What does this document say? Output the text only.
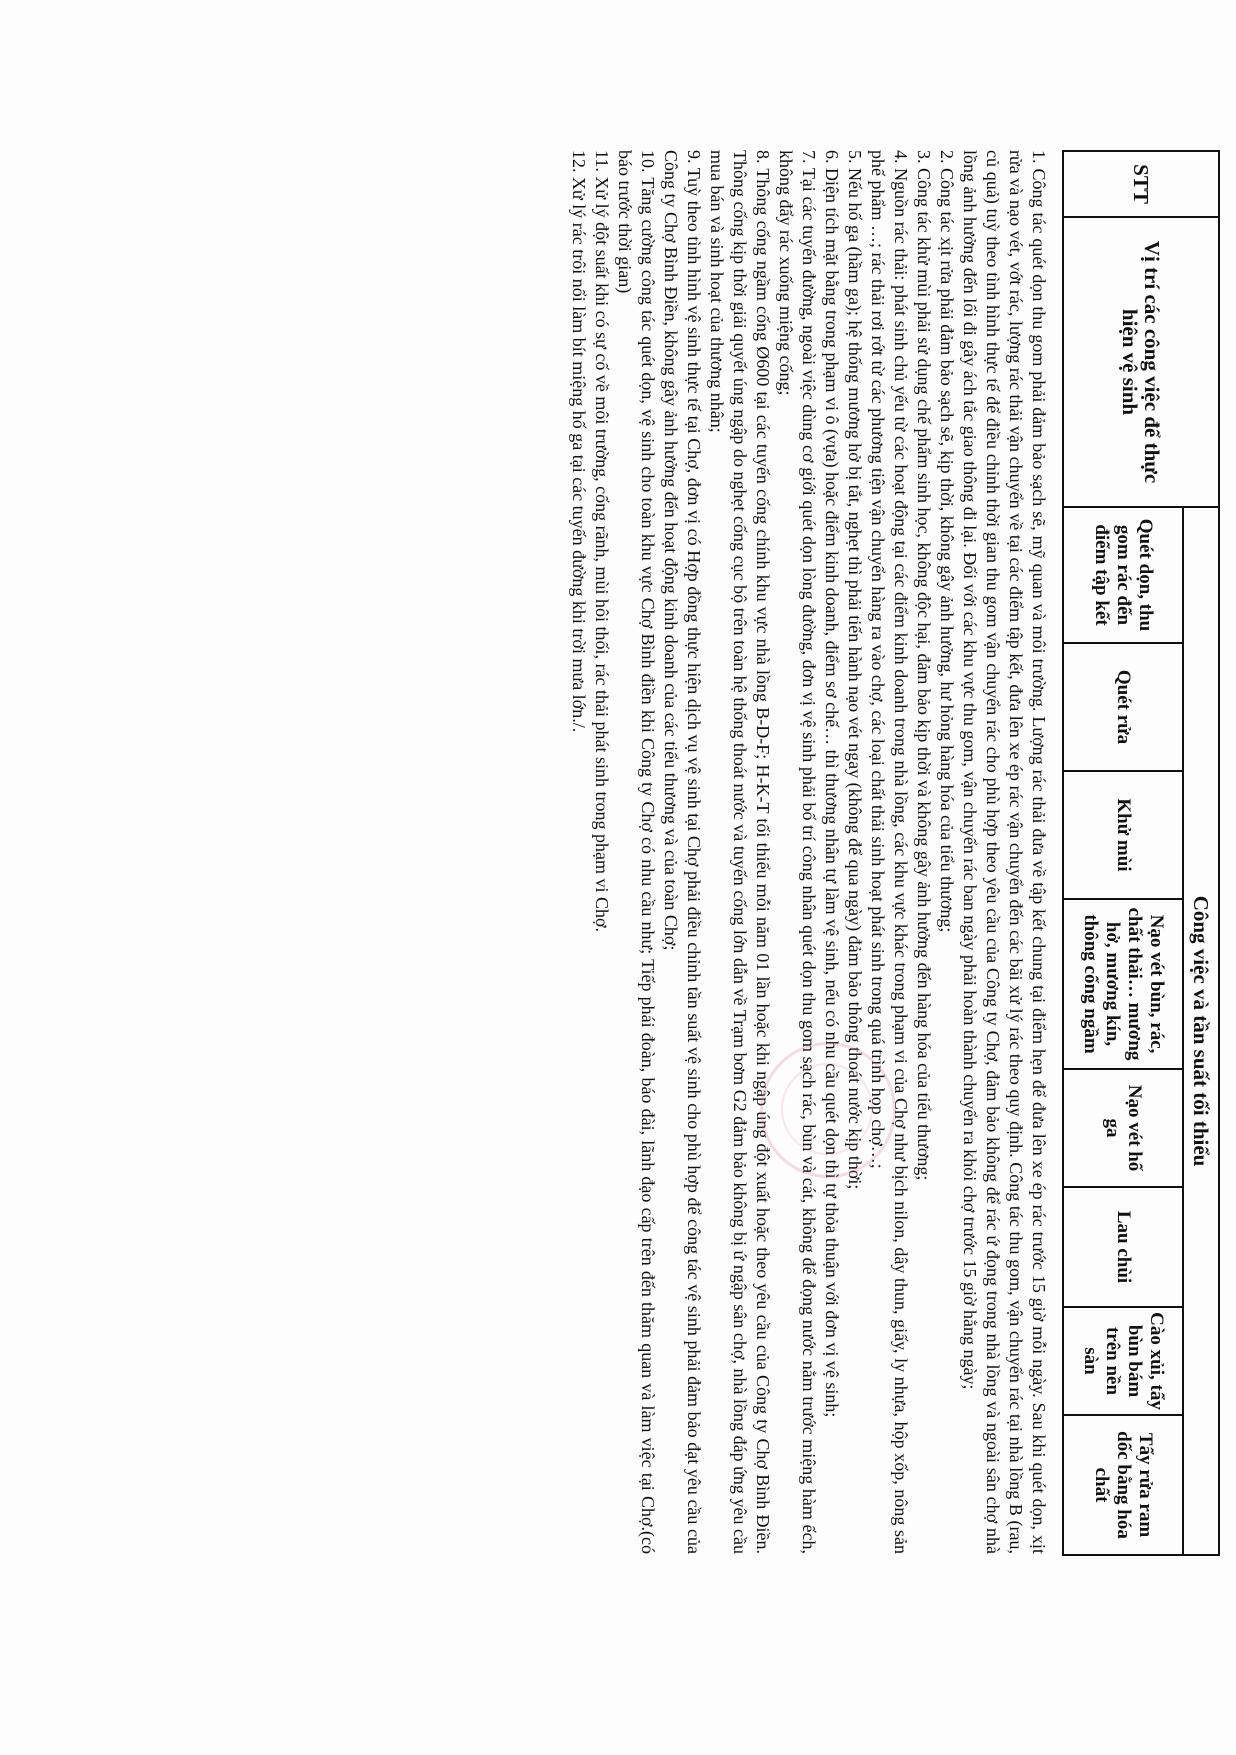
STT	Vị trí các công việc để thực hiện vệ sinh	Công việc và tần suất tối thiểu							
		Quét dọn, thu gom rác đến điểm tập kết	Quét rửa	Khử mùi	Nạo vét bùn, rác, chất thải… mương hở, mương kín, thông cống ngầm	Nạo vét hố ga	Lau chùi	Cào xủi, tẩy bùn bám trên nền sàn	Tẩy rửa ram dốc bằng hóa chất

1. Công tác quét dọn thu gom phải đảm bảo sạch sẽ, mỹ quan và môi trường. Lượng rác thải đưa về tập kết chung tại điểm hẹn để đưa lên xe ép rác trước 15 giờ mỗi ngày. Sau khi quét dọn, xịt rửa và nạo vét, vớt rác, lượng rác thải vận chuyển về tại các điểm tập kết, đưa lên xe ép rác vận chuyển đến các bãi xử lý rác theo quy định. Công tác thu gom, vận chuyển rác tại nhà lồng B (rau, củ quả) tuỳ theo tình hình thực tế để điều chỉnh thời gian thu gom vận chuyển rác cho phù hợp theo yêu cầu của Công ty Chợ, đảm bảo không để rác ứ đọng trong nhà lồng và ngoài sân chợ nhà lồng ảnh hưởng đến lối đi gây ách tắc giao thông đi lại. Đối với các khu vực thu gom, vận chuyển rác ban ngày phải hoàn thành chuyển ra khỏi chợ trước 15 giờ hằng ngày;

2. Công tác xịt rửa phải đảm bảo sạch sẽ, kịp thời, không gây ảnh hưởng, hư hỏng hàng hóa của tiểu thương;

3. Công tác khử mùi phải sử dụng chế phẩm sinh học, không độc hại, đảm bảo kịp thời và không gây ảnh hưởng đến hàng hóa của tiểu thương;

4. Nguồn rác thải: phát sinh chủ yếu từ các hoạt động tại các điểm kinh doanh trong nhà lồng, các khu vực khác trong phạm vi của Chợ như bịch nilon, dây thun, giấy, ly nhựa, hộp xốp, nông sản phế phẩm …; rác thải rơi rớt từ các phương tiện vận chuyển hàng ra vào chợ, các loại chất thải sinh hoạt phát sinh trong quá trình họp chợ…;

5. Nếu hố ga (hầm ga); hệ thống mương hở bị tắt, nghẹt thì phải tiến hành nạo vét ngay (không để qua ngày) đảm bảo thông thoát nước kịp thời;

6. Diện tích mặt bằng trong phạm vi ô (vựa) hoặc điểm kinh doanh, điểm sơ chế… thì thương nhân tự làm vệ sinh, nếu có nhu cầu quét dọn thì tự thỏa thuận với đơn vị vệ sinh;

7. Tại các tuyến đường, ngoài việc dùng cơ giới quét dọn lòng đường, đơn vị vệ sinh phải bố trí công nhân quét dọn thu gom sạch rác, bùn và cát, không để đọng nước nằm trước miệng hàm ếch, không đẩy rác xuống miệng cống;

8. Thông cống ngầm cống Ø600 tại các tuyến cống chính khu vực nhà lồng B-D-F; H-K-T tối thiểu mỗi năm 01 lần hoặc khi ngập úng đột xuất hoặc theo yêu cầu của Công ty Chợ Bình Điền. Thông cống kịp thời giải quyết úng ngập do nghẹt cống cục bộ trên toàn hệ thống thoát nước và tuyến cống lớn dẫn về Trạm bơm G2 đảm bảo không bị ứ ngập sân chợ, nhà lồng đáp ứng yêu cầu mua bán và sinh hoạt của thương nhân;

9. Tuỳ theo tình hình vệ sinh thực tế tại Chợ, đơn vị có Hợp đồng thực hiện dịch vụ vệ sinh tại Chợ phải điều chỉnh tần suất vệ sinh cho phù hợp để công tác vệ sinh phải đảm bảo đạt yêu cầu của Công ty Chợ Bình Điền, không gây ảnh hưởng đến hoạt động kinh doanh của các tiểu thương và của toàn Chợ;

10. Tăng cường công tác quét dọn, vệ sinh cho toàn khu vực Chợ Bình điền khi Công ty Chợ có nhu cầu như; Tiếp phái đoàn, báo đài, lãnh đạo cấp trên đến thăm quan và làm việc tại Chợ.(có báo trước thời gian)

11. Xử lý đột suất khi có sự cố về môi trường, cống rãnh, mùi hôi thối, rác thải phát sinh trong phạm vi Chợ.

12. Xử lý rác trôi nổi làm bít miệng hố ga tại các tuyến đường khi trời mưa lớn./.
